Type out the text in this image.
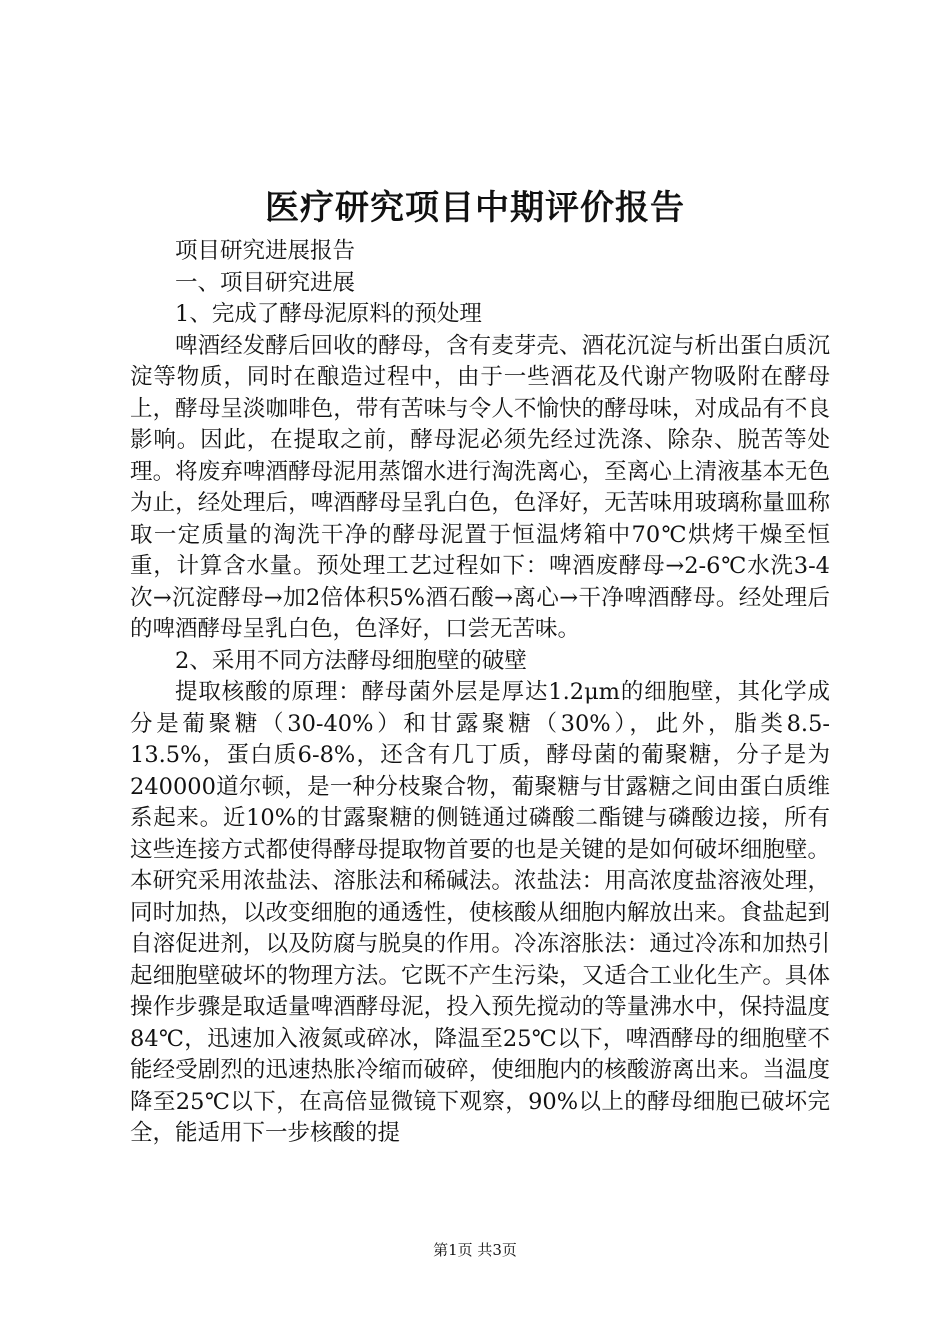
医疗研究项目中期评价报告

项目研究进展报告

一、项目研究进展

1、完成了酵母泥原料的预处理

啤酒经发酵后回收的酵母，含有麦芽壳、酒花沉淀与析出蛋白质沉淀等物质，同时在酿造过程中，由于一些酒花及代谢产物吸附在酵母上，酵母呈淡咖啡色，带有苦味与令人不愉快的酵母味，对成品有不良影响。因此，在提取之前，酵母泥必须先经过洗涤、除杂、脱苦等处理。将废弃啤酒酵母泥用蒸馏水进行淘洗离心，至离心上清液基本无色为止，经处理后，啤酒酵母呈乳白色，色泽好，无苦味用玻璃称量皿称取一定质量的淘洗干净的酵母泥置于恒温烤箱中70℃烘烤干燥至恒重，计算含水量。预处理工艺过程如下：啤酒废酵母→2-6℃水洗3-4次→沉淀酵母→加2倍体积5%酒石酸→离心→干净啤酒酵母。经处理后的啤酒酵母呈乳白色，色泽好，口尝无苦味。

2、采用不同方法酵母细胞壁的破壁

提取核酸的原理：酵母菌外层是厚达1.2μm的细胞壁，其化学成分是葡聚糖（30-40%）和甘露聚糖（30%），此外，脂类8.5-13.5%，蛋白质6-8%，还含有几丁质，酵母菌的葡聚糖，分子是为240000道尔顿，是一种分枝聚合物，葡聚糖与甘露糖之间由蛋白质维系起来。近10%的甘露聚糖的侧链通过磷酸二酯键与磷酸边接，所有这些连接方式都使得酵母提取物首要的也是关键的是如何破坏细胞壁。本研究采用浓盐法、溶胀法和稀碱法。浓盐法：用高浓度盐溶液处理，同时加热，以改变细胞的通透性，使核酸从细胞内解放出来。食盐起到自溶促进剂，以及防腐与脱臭的作用。冷冻溶胀法：通过冷冻和加热引起细胞壁破坏的物理方法。它既不产生污染，又适合工业化生产。具体操作步骤是取适量啤酒酵母泥，投入预先搅动的等量沸水中，保持温度84℃，迅速加入液氮或碎冰，降温至25℃以下，啤酒酵母的细胞壁不能经受剧烈的迅速热胀冷缩而破碎，使细胞内的核酸游离出来。当温度降至25℃以下，在高倍显微镜下观察，90%以上的酵母细胞已破坏完全，能适用下一步核酸的提

第1页 共3页
